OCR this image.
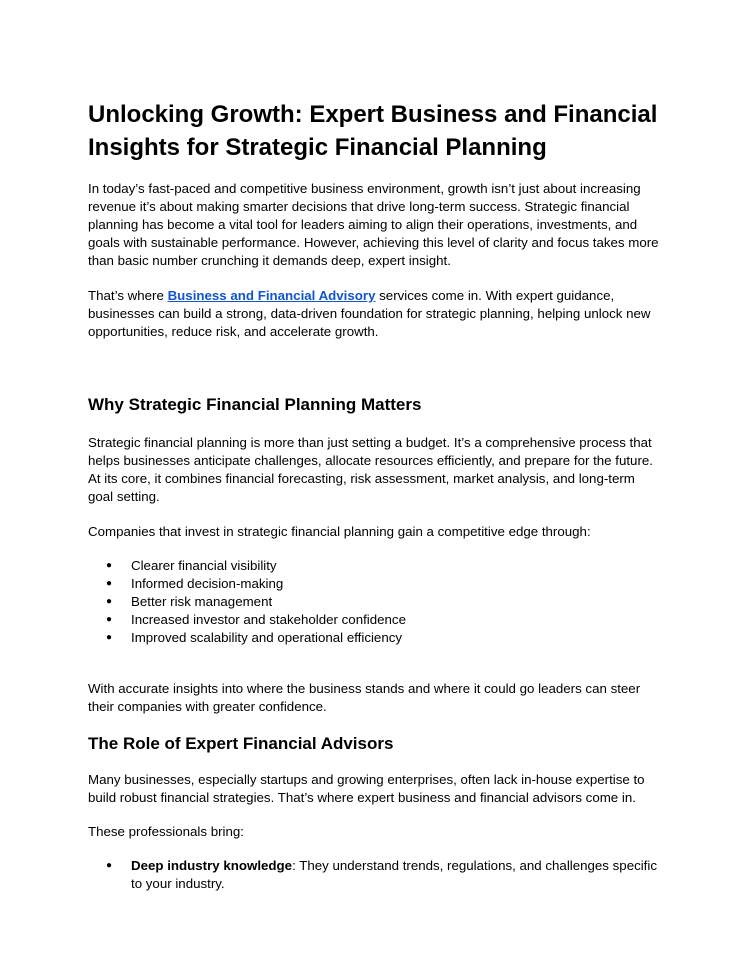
Unlocking Growth: Expert Business and Financial Insights for Strategic Financial Planning

In today’s fast-paced and competitive business environment, growth isn’t just about increasing revenue it’s about making smarter decisions that drive long-term success. Strategic financial planning has become a vital tool for leaders aiming to align their operations, investments, and goals with sustainable performance. However, achieving this level of clarity and focus takes more than basic number crunching it demands deep, expert insight.

That’s where Business and Financial Advisory services come in. With expert guidance, businesses can build a strong, data-driven foundation for strategic planning, helping unlock new opportunities, reduce risk, and accelerate growth.

Why Strategic Financial Planning Matters

Strategic financial planning is more than just setting a budget. It’s a comprehensive process that helps businesses anticipate challenges, allocate resources efficiently, and prepare for the future. At its core, it combines financial forecasting, risk assessment, market analysis, and long-term goal setting.

Companies that invest in strategic financial planning gain a competitive edge through:

● Clearer financial visibility
● Informed decision-making
● Better risk management
● Increased investor and stakeholder confidence
● Improved scalability and operational efficiency

With accurate insights into where the business stands and where it could go leaders can steer their companies with greater confidence.

The Role of Expert Financial Advisors

Many businesses, especially startups and growing enterprises, often lack in-house expertise to build robust financial strategies. That’s where expert business and financial advisors come in.

These professionals bring:

● Deep industry knowledge: They understand trends, regulations, and challenges specific to your industry.
